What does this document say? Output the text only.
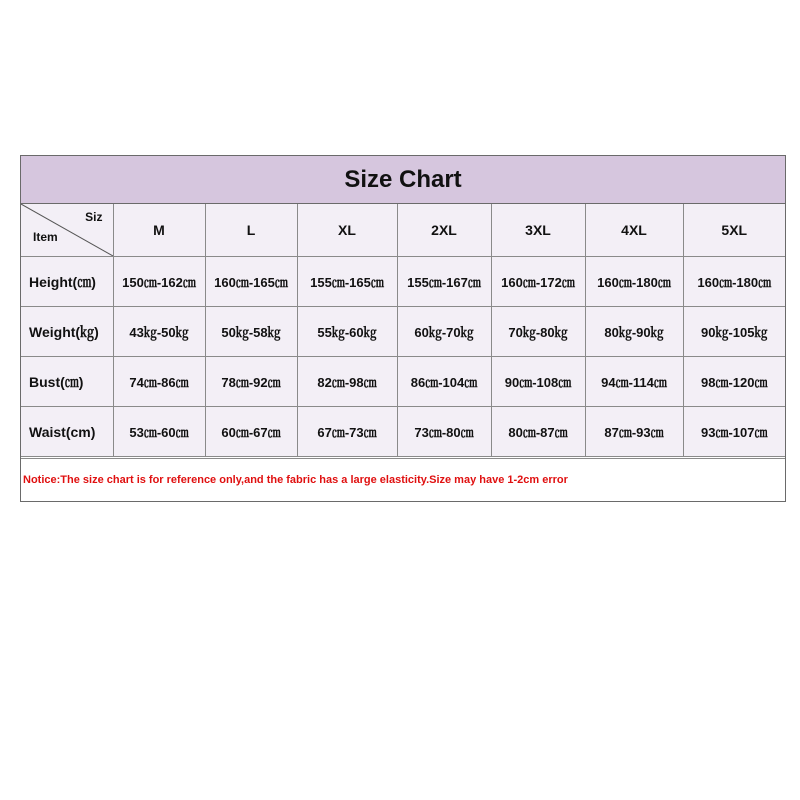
Size Chart
Siz
Item	M	L	XL	2XL	3XL	4XL	5XL
Height(㎝)	150㎝-162㎝	160㎝-165㎝	155㎝-165㎝	155㎝-167㎝	160㎝-172㎝	160㎝-180㎝	160㎝-180㎝
Weight(㎏)	43㎏-50㎏	50㎏-58㎏	55㎏-60㎏	60㎏-70㎏	70㎏-80㎏	80㎏-90㎏	90㎏-105㎏
Bust(㎝)	74㎝-86㎝	78㎝-92㎝	82㎝-98㎝	86㎝-104㎝	90㎝-108㎝	94㎝-114㎝	98㎝-120㎝
Waist(cm)	53㎝-60㎝	60㎝-67㎝	67㎝-73㎝	73㎝-80㎝	80㎝-87㎝	87㎝-93㎝	93㎝-107㎝
Notice:The size chart is for reference only,and the fabric has a large elasticity.Size may have 1-2cm error
